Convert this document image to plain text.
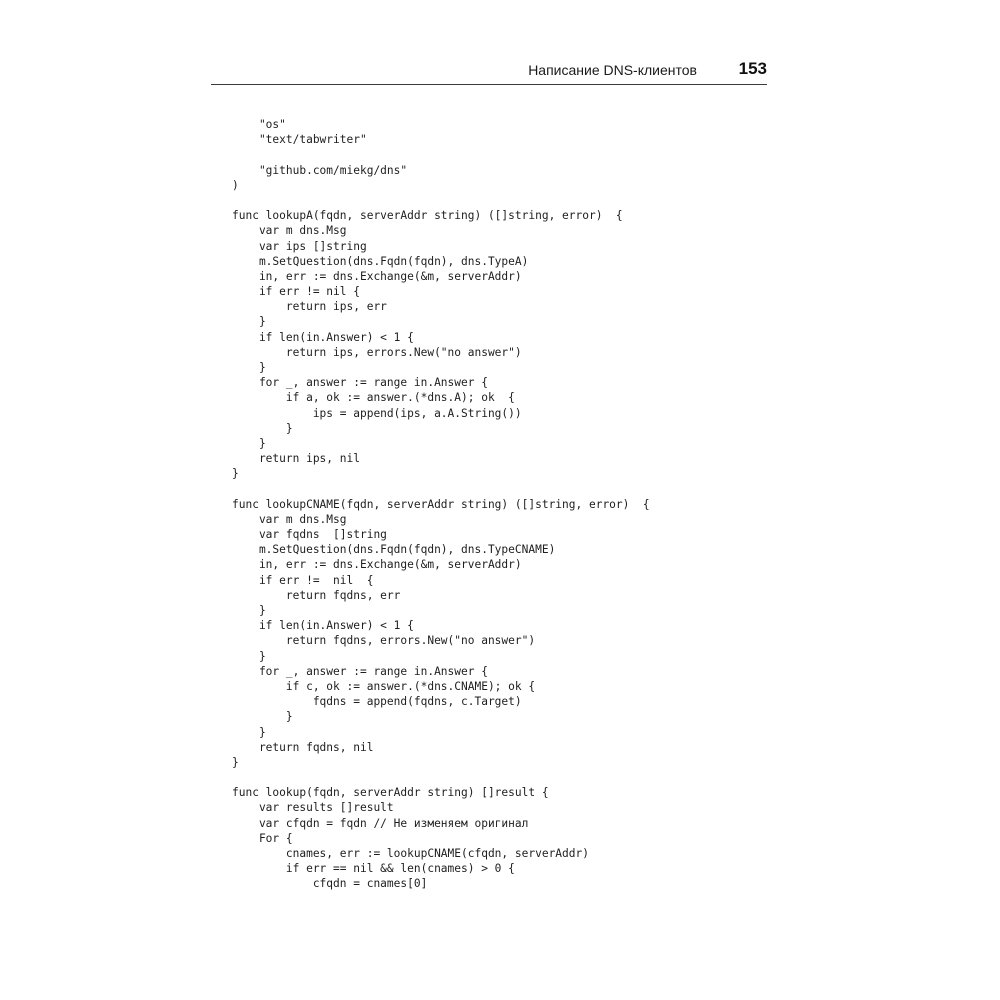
Написание DNS-клиентов 153
"os"
"text/tabwriter"
"github.com/miekg/dns"
)
func lookupA(fqdn, serverAddr string) ([]string, error)  {
var m dns.Msg
var ips []string
m.SetQuestion(dns.Fqdn(fqdn), dns.TypeA)
in, err := dns.Exchange(&m, serverAddr)
if err != nil {
return ips, err
}
if len(in.Answer) < 1 {
return ips, errors.New("no answer")
}
for _, answer := range in.Answer {
if a, ok := answer.(*dns.A); ok  {
ips = append(ips, a.A.String())
}
}
return ips, nil
}
func lookupCNAME(fqdn, serverAddr string) ([]string, error)  {
var m dns.Msg
var fqdns  []string
m.SetQuestion(dns.Fqdn(fqdn), dns.TypeCNAME)
in, err := dns.Exchange(&m, serverAddr)
if err !=  nil  {
return fqdns, err
}
if len(in.Answer) < 1 {
return fqdns, errors.New("no answer")
}
for _, answer := range in.Answer {
if c, ok := answer.(*dns.CNAME); ok {
fqdns = append(fqdns, c.Target)
}
}
return fqdns, nil
}
func lookup(fqdn, serverAddr string) []result {
var results []result
var cfqdn = fqdn // Не изменяем оригинал
For {
cnames, err := lookupCNAME(cfqdn, serverAddr)
if err == nil && len(cnames) > 0 {
cfqdn = cnames[0]
